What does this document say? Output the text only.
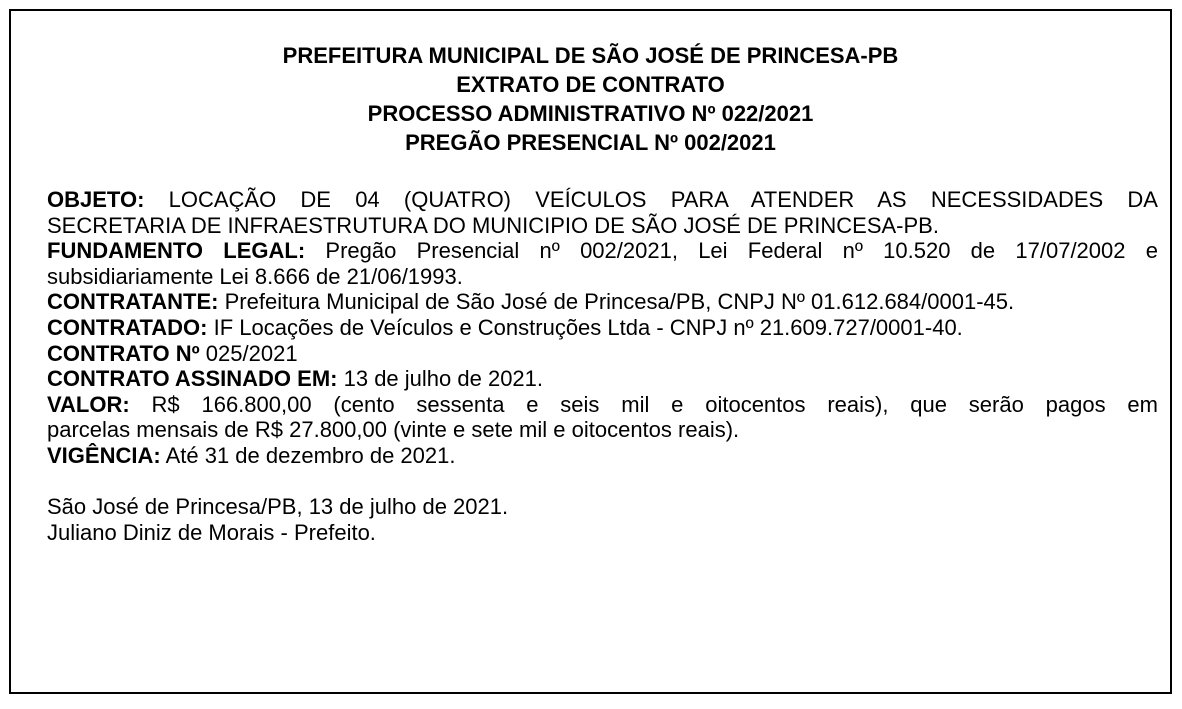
PREFEITURA MUNICIPAL DE SÃO JOSÉ DE PRINCESA-PB
EXTRATO DE CONTRATO
PROCESSO ADMINISTRATIVO Nº 022/2021
PREGÃO PRESENCIAL Nº 002/2021

OBJETO: LOCAÇÃO DE 04 (QUATRO) VEÍCULOS PARA ATENDER AS NECESSIDADES DA
SECRETARIA DE INFRAESTRUTURA DO MUNICIPIO DE SÃO JOSÉ DE PRINCESA-PB.

FUNDAMENTO LEGAL: Pregão Presencial nº 002/2021, Lei Federal nº 10.520 de 17/07/2002 e
subsidiariamente Lei 8.666 de 21/06/1993.

CONTRATANTE: Prefeitura Municipal de São José de Princesa/PB, CNPJ Nº 01.612.684/0001-45.

CONTRATADO: IF Locações de Veículos e Construções Ltda - CNPJ nº 21.609.727/0001-40.

CONTRATO Nº 025/2021

CONTRATO ASSINADO EM: 13 de julho de 2021.

VALOR: R$ 166.800,00 (cento sessenta e seis mil e oitocentos reais), que serão pagos em
parcelas mensais de R$ 27.800,00 (vinte e sete mil e oitocentos reais).

VIGÊNCIA: Até 31 de dezembro de 2021.

São José de Princesa/PB, 13 de julho de 2021.

Juliano Diniz de Morais - Prefeito.
